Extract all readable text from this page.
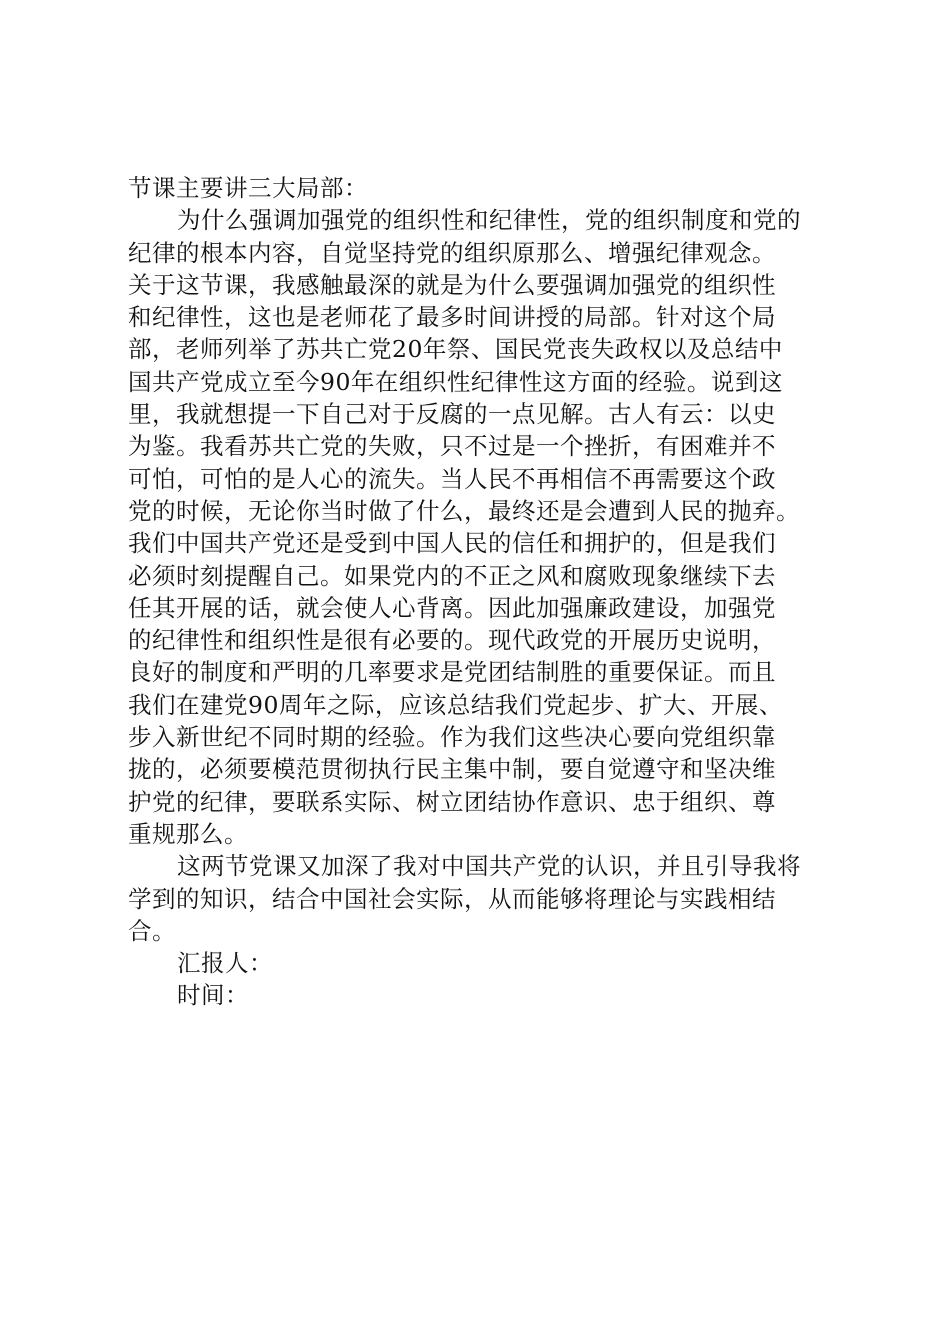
节课主要讲三大局部：
为什么强调加强党的组织性和纪律性，党的组织制度和党的
纪律的根本内容，自觉坚持党的组织原那么、增强纪律观念。
关于这节课，我感触最深的就是为什么要强调加强党的组织性
和纪律性，这也是老师花了最多时间讲授的局部。针对这个局
部，老师列举了苏共亡党20年祭、国民党丧失政权以及总结中
国共产党成立至今90年在组织性纪律性这方面的经验。说到这
里，我就想提一下自己对于反腐的一点见解。古人有云：以史
为鉴。我看苏共亡党的失败，只不过是一个挫折，有困难并不
可怕，可怕的是人心的流失。当人民不再相信不再需要这个政
党的时候，无论你当时做了什么，最终还是会遭到人民的抛弃。
我们中国共产党还是受到中国人民的信任和拥护的，但是我们
必须时刻提醒自己。如果党内的不正之风和腐败现象继续下去
任其开展的话，就会使人心背离。因此加强廉政建设，加强党
的纪律性和组织性是很有必要的。现代政党的开展历史说明，
良好的制度和严明的几率要求是党团结制胜的重要保证。而且
我们在建党90周年之际，应该总结我们党起步、扩大、开展、
步入新世纪不同时期的经验。作为我们这些决心要向党组织靠
拢的，必须要模范贯彻执行民主集中制，要自觉遵守和坚决维
护党的纪律，要联系实际、树立团结协作意识、忠于组织、尊
重规那么。
这两节党课又加深了我对中国共产党的认识，并且引导我将
学到的知识，结合中国社会实际，从而能够将理论与实践相结
合。
汇报人：
时间：
